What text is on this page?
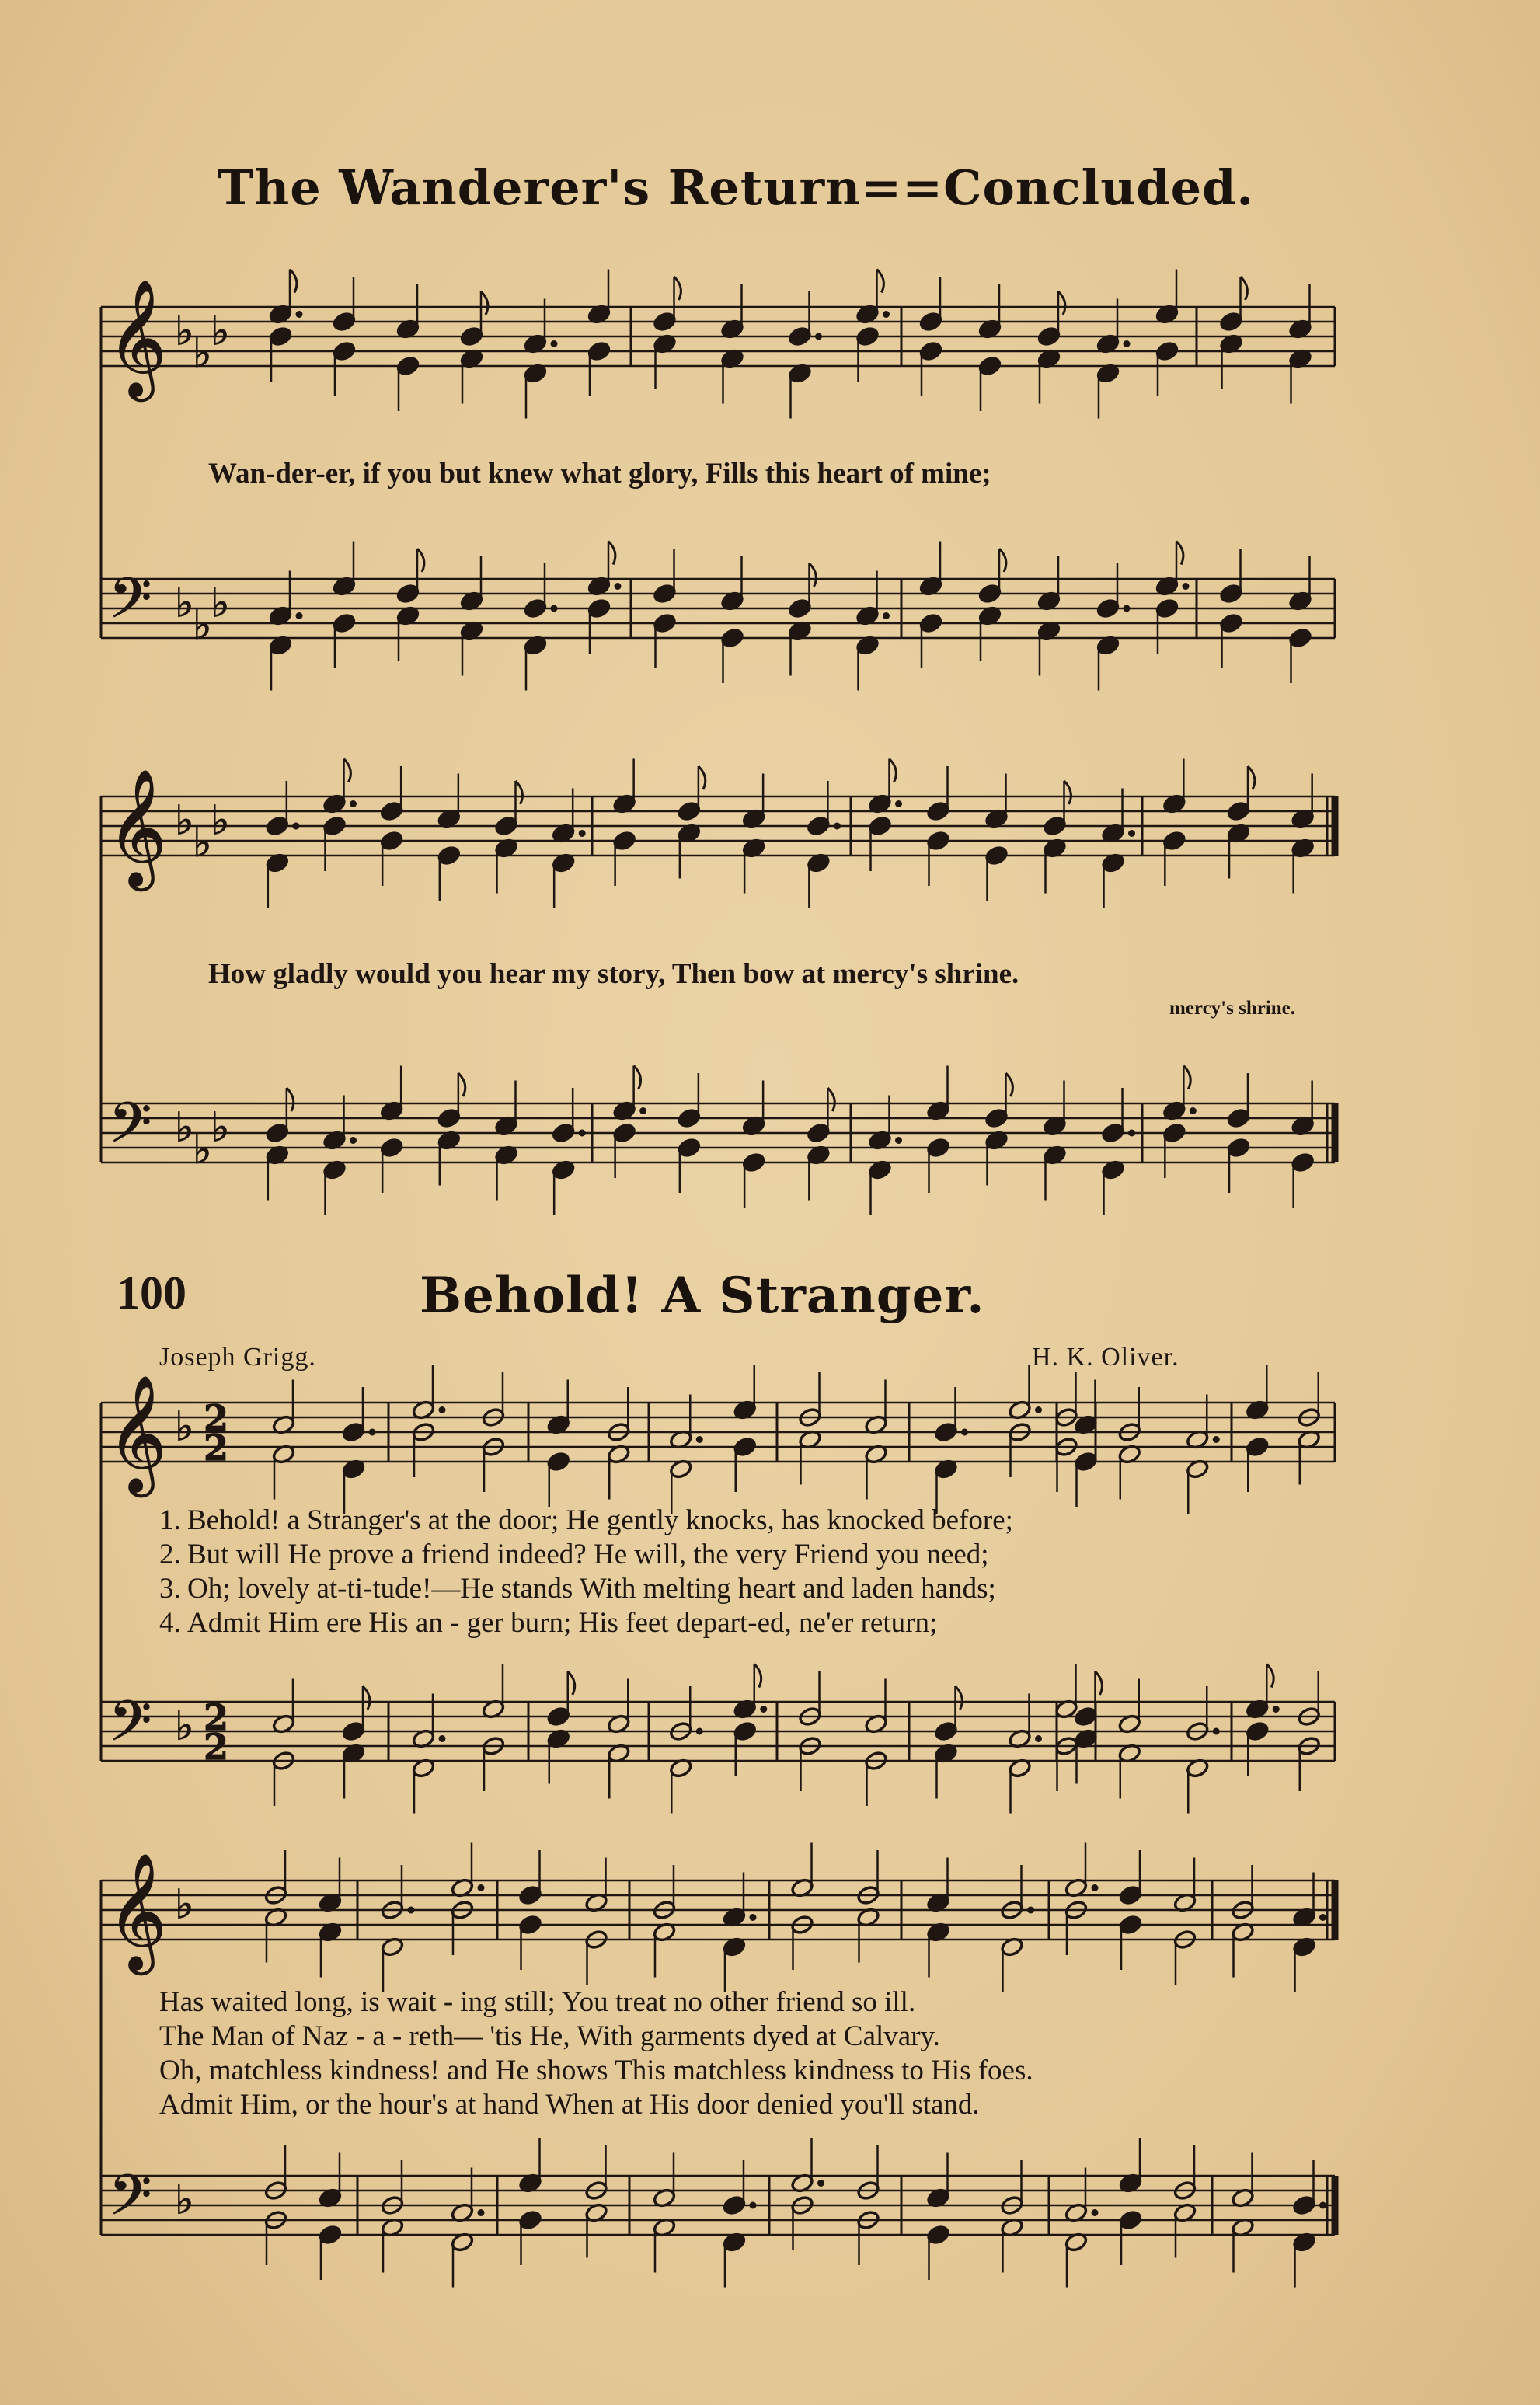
The Wanderer's Return==Concluded.
Wan-der-er, if you but knew what glory, Fills this heart of mine;
How gladly would you hear my story, Then bow at mercy's shrine.
mercy's shrine.
100	Behold! A Stranger.
Joseph Grigg.	H. K. Oliver.
1. Behold! a Stranger's at the door; He gently knocks, has knocked before;
2. But will He prove a friend indeed? He will, the very Friend you need;
3. Oh; lovely at-ti-tude!—He stands With melting heart and laden hands;
4. Admit Him ere His an - ger burn; His feet depart-ed, ne'er return;
Has waited long, is wait - ing still; You treat no other friend so ill.
The Man of Naz - a - reth— 'tis He, With garments dyed at Calvary.
Oh, matchless kindness! and He shows This matchless kindness to His foes.
Admit Him, or the hour's at hand When at His door denied you'll stand.
𝄞 ♭
♭
♭
𝄢 ♭
♭
♭
𝄞 ♭
♭
♭
𝄢 ♭
♭
♭
𝄞 ♭ 2
2
𝄢 ♭ 2
2
𝄞 ♭
𝄢 ♭
